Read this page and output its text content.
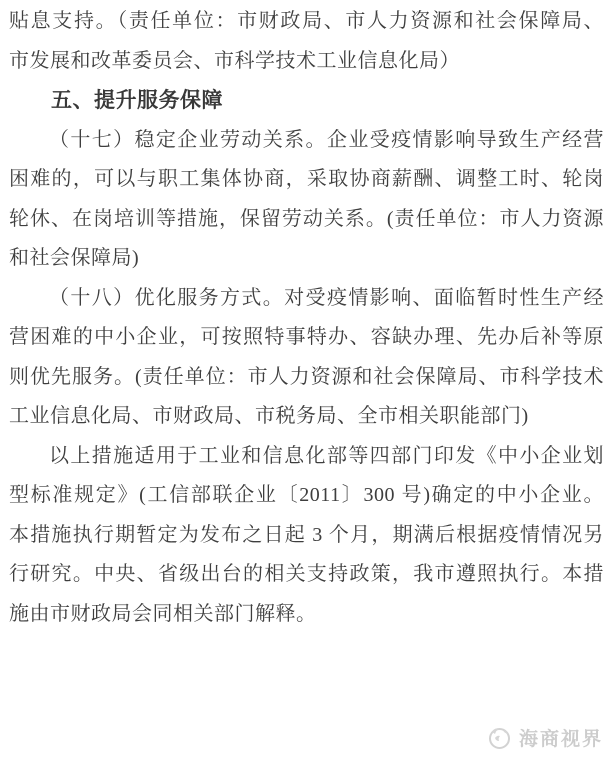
贴息支持。（责任单位：市财政局、市人力资源和社会保障局、
市发展和改革委员会、市科学技术工业信息化局）
五、提升服务保障
（十七）稳定企业劳动关系。企业受疫情影响导致生产经营
困难的，可以与职工集体协商，采取协商薪酬、调整工时、轮岗
轮休、在岗培训等措施，保留劳动关系。(责任单位：市人力资源
和社会保障局)
（十八）优化服务方式。对受疫情影响、面临暂时性生产经
营困难的中小企业，可按照特事特办、容缺办理、先办后补等原
则优先服务。(责任单位：市人力资源和社会保障局、市科学技术
工业信息化局、市财政局、市税务局、全市相关职能部门)
以上措施适用于工业和信息化部等四部门印发《中小企业划
型标准规定》(工信部联企业〔2011〕300 号)确定的中小企业。
本措施执行期暂定为发布之日起 3 个月，期满后根据疫情情况另
行研究。中央、省级出台的相关支持政策，我市遵照执行。本措
施由市财政局会同相关部门解释。
海商视界
